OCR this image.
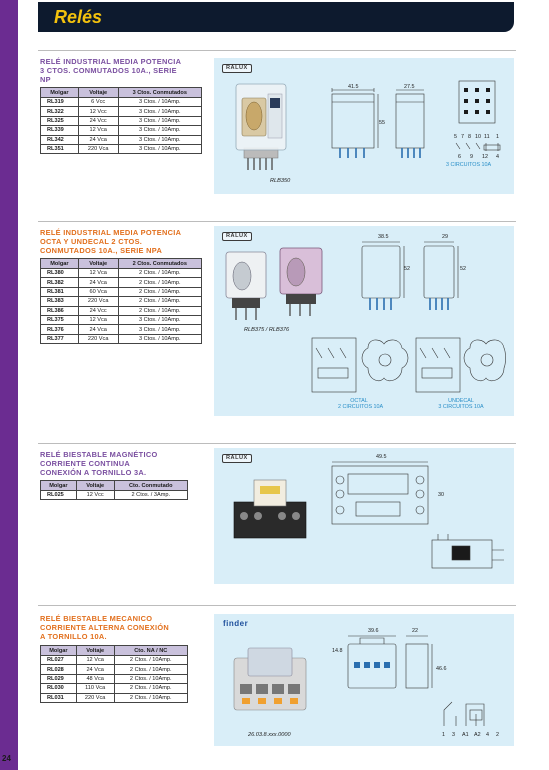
Relés
24
RELÉ INDUSTRIAL MEDIA POTENCIA
3 CTOS. CONMUTADOS 10A., SERIE
NP
Molgar	Voltaje	3 Ctos. Conmutados
RL319	6 Vcc	3 Ctos. / 10Amp.
RL322	12 Vcc	3 Ctos. / 10Amp.
RL325	24 Vcc	3 Ctos. / 10Amp.
RL339	12 Vca	3 Ctos. / 10Amp.
RL342	24 Vca	3 Ctos. / 10Amp.
RL351	220 Vca	3 Ctos. / 10Amp.
RALUX
RLB350
41.5
55
27.5
5 7 8 10 11 1
6 9 12 4
3 CIRCUITOS 10A
RELÉ INDUSTRIAL MEDIA POTENCIA
OCTA Y UNDECAL 2 CTOS.
CONMUTADOS 10A., SERIE NPA
Molgar	Voltaje	2 Ctos. Conmutados
RL380	12 Vca	2 Ctos. / 10Amp.
RL382	24 Vca	2 Ctos. / 10Amp.
RL381	60 Vca	2 Ctos. / 10Amp.
RL383	220 Vca	2 Ctos. / 10Amp.
RL386	24 Vcc	2 Ctos. / 10Amp.
RL375	12 Vca	3 Ctos. / 10Amp.
RL376	24 Vca	3 Ctos. / 10Amp.
RL377	220 Vca	3 Ctos. / 10Amp.
RALUX
RLB375 / RLB376
38.5
52
29
52
OCTAL
2 CIRCUITOS 10A
UNDECAL
3 CIRCUITOS 10A
RELÉ BIESTABLE MAGNÉTICO
CORRIENTE CONTINUA
CONEXIÓN A TORNILLO 3A.
Molgar	Voltaje	Cto. Conmutado
RL025	12 Vcc	2 Ctos. / 3Amp.
RALUX	49.5
30
RELÉ BIESTABLE MECANICO
CORRIENTE ALTERNA CONEXIÓN
A TORNILLO 10A.
Molgar	Voltaje	Cto. NA / NC
RL027	12 Vca	2 Ctos. / 10Amp.
RL028	24 Vca	2 Ctos. / 10Amp.
RL029	48 Vca	2 Ctos. / 10Amp.
RL030	110 Vca	2 Ctos. / 10Amp.
RL031	220 Vca	2 Ctos. / 10Amp.
finder
26.03.8.xxx.0000
39.6	22
14.8
46.6
1 3 A1 A2 4 2
